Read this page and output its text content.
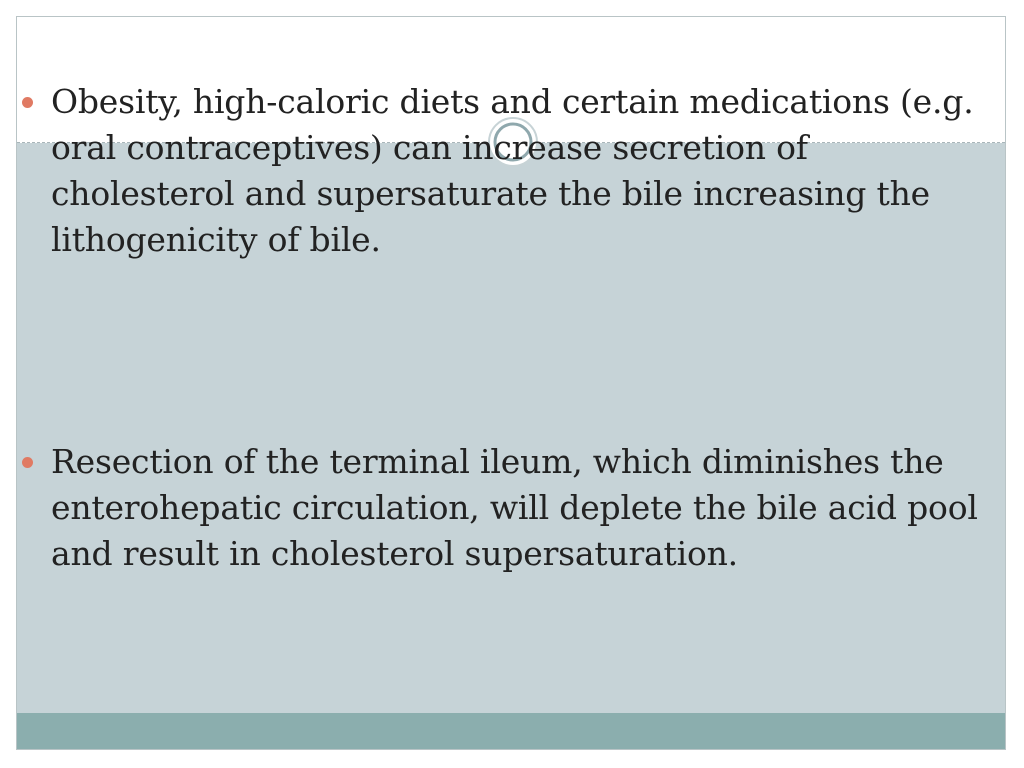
Obesity, high-caloric diets and certain medications (e.g. oral contraceptives) can increase secretion of cholesterol and supersaturate the bile increasing the lithogenicity of bile.

Resection of the terminal ileum, which diminishes the enterohepatic circulation, will deplete the bile acid pool and result in cholesterol supersaturation.
